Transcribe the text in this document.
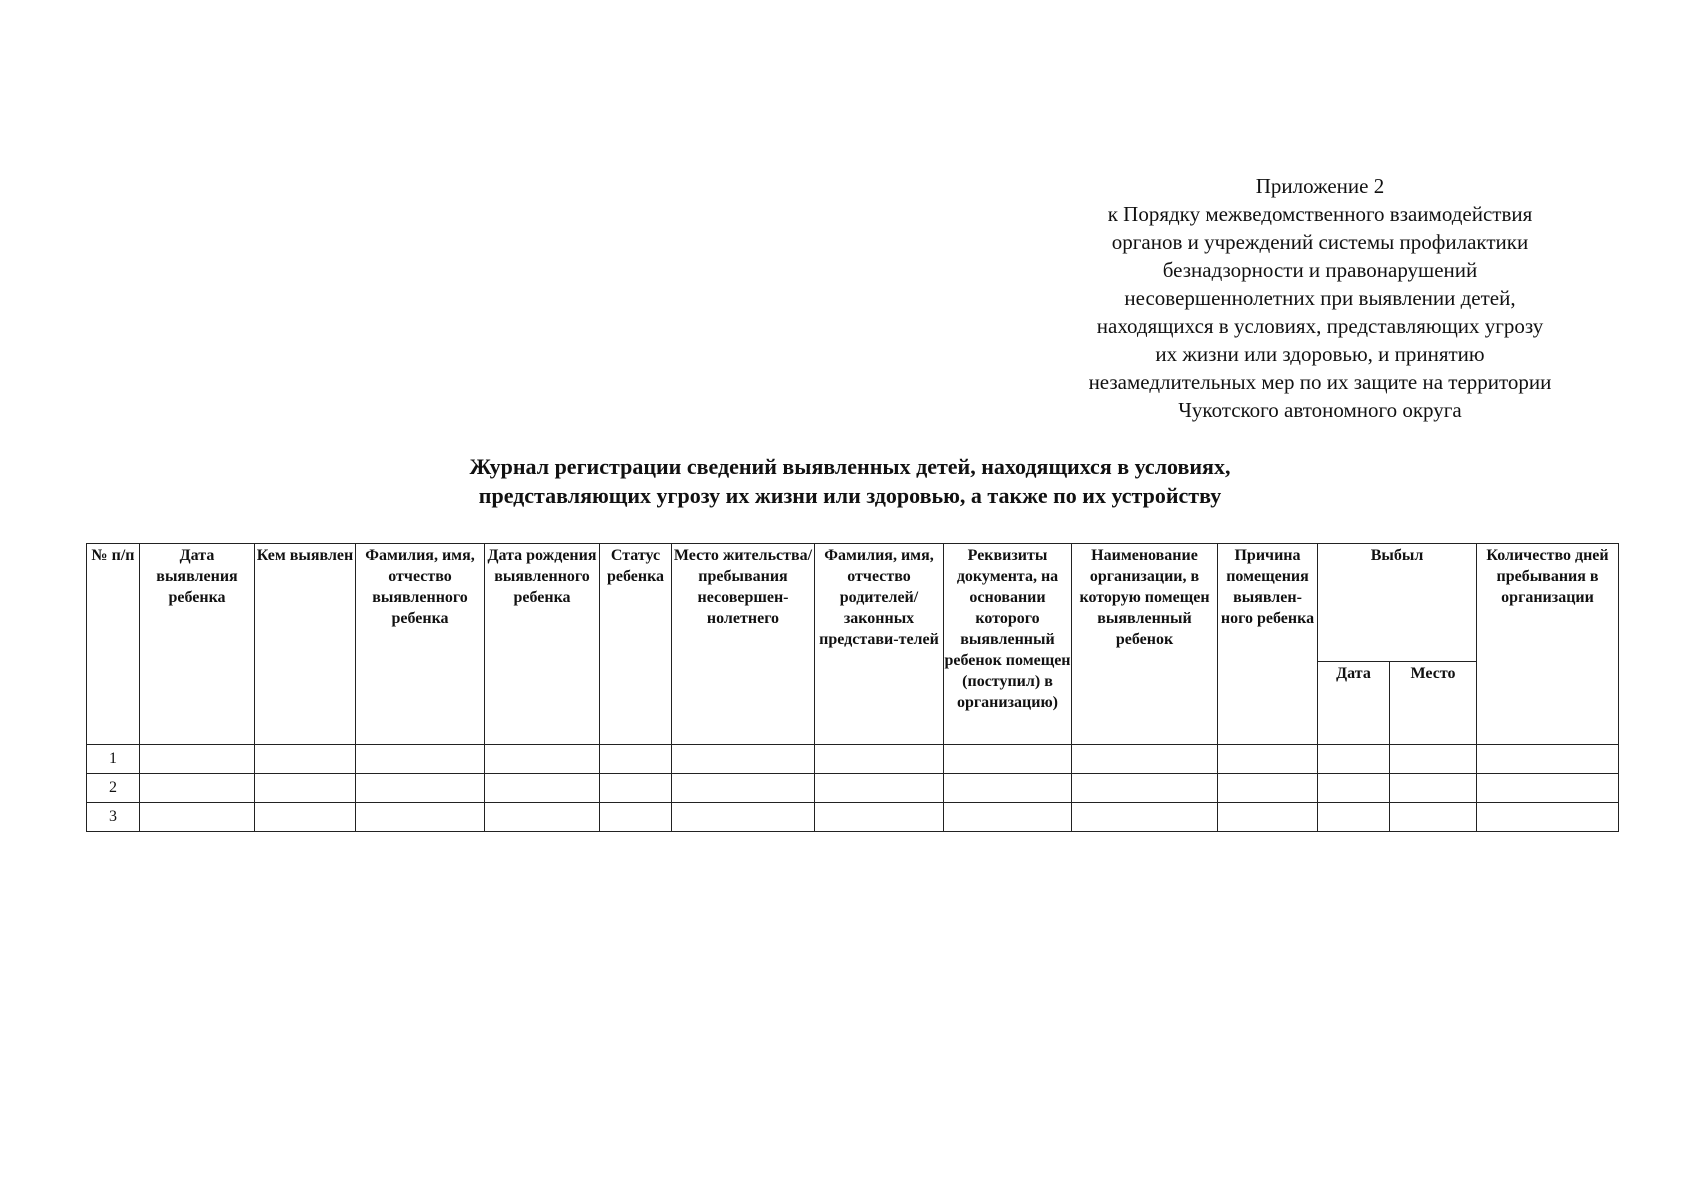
Приложение 2
к Порядку межведомственного взаимодействия
органов и учреждений системы профилактики
безнадзорности и правонарушений
несовершеннолетних при выявлении детей,
находящихся в условиях, представляющих угрозу
их жизни или здоровью, и принятию
незамедлительных мер по их защите на территории
Чукотского автономного округа
Журнал регистрации сведений выявленных детей, находящихся в условиях,
представляющих угрозу их жизни или здоровью, а также по их устройству
№ п/п	Дата выявления ребенка	Кем выявлен	Фамилия, имя, отчество выявленного ребенка	Дата рождения выявленного ребенка	Статус ребенка	Место жительства/ пребывания несовершен-нолетнего	Фамилия, имя, отчество родителей/ законных представи-телей	Реквизиты документа, на основании которого выявленный ребенок помещен (поступил) в организацию)	Наименование организации, в которую помещен выявленный ребенок	Причина помещения выявлен-ного ребенка	Выбыл		Количество дней пребывания в организации
											Дата	Место	
1													
2													
3													
